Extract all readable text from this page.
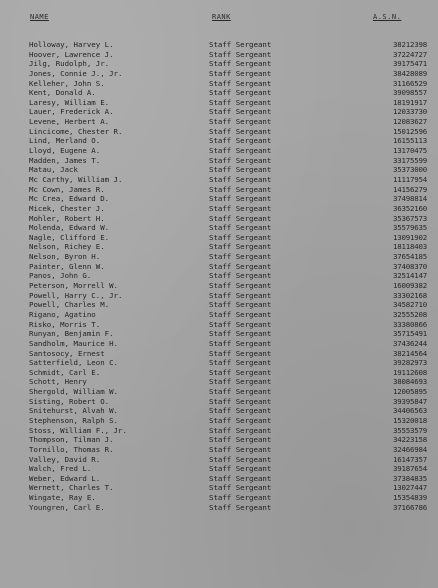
NAME	RANK	A.S.N.
Holloway, Harvey L.	Staff Sergeant	38212398
Hoover, Lawrence J.	Staff Sergeant	37224727
Jilg, Rudolph, Jr.	Staff Sergeant	39175471
Jones, Connie J., Jr.	Staff Sergeant	38428089
Kelleher, John S.	Staff Sergeant	31166529
Kent, Donald A.	Staff Sergeant	39098557
Laresy, William E.	Staff Sergeant	18191917
Lauer, Frederick A.	Staff Sergeant	12033730
Levene, Herbert A.	Staff Sergeant	12083627
Lincicome, Chester R.	Staff Sergeant	15012596
Lind, Merland O.	Staff Sergeant	16155113
Lloyd, Eugene A.	Staff Sergeant	13170475
Madden, James T.	Staff Sergeant	33175599
Matau, Jack	Staff Sergeant	35373000
Mc Carthy, William J.	Staff Sergeant	11117954
Mc Cown, James R.	Staff Sergeant	14156279
Mc Crea, Edward D.	Staff Sergeant	37498814
Micek, Chester J.	Staff Sergeant	36352160
Mohler, Robert H.	Staff Sergeant	35367573
Molenda, Edward W.	Staff Sergeant	35579635
Nagle, Clifford E.	Staff Sergeant	13091902
Nelson, Richey E.	Staff Sergeant	18118403
Nelson, Byron H.	Staff Sergeant	37654185
Painter, Glenn W.	Staff Sergeant	37408370
Panos, John G.	Staff Sergeant	32514147
Peterson, Morrell W.	Staff Sergeant	16009382
Powell, Harry C., Jr.	Staff Sergeant	33302168
Powell, Charles M.	Staff Sergeant	34582710
Rigano, Agatino	Staff Sergeant	32555208
Risko, Morris T.	Staff Sergeant	33380866
Runyan, Benjamin F.	Staff Sergeant	35715491
Sandholm, Maurice H.	Staff Sergeant	37436244
Santosocy, Ernest	Staff Sergeant	38214564
Satterfield, Leon C.	Staff Sergeant	39282973
Schmidt, Carl E.	Staff Sergeant	19112608
Schott, Henry	Staff Sergeant	38084693
Shergold, William W.	Staff Sergeant	12005895
Sisting, Robert O.	Staff Sergeant	39395847
Snitehurst, Alvah W.	Staff Sergeant	34406563
Stephenson, Ralph S.	Staff Sergeant	15320018
Stoss, William F., Jr.	Staff Sergeant	35553579
Thompson, Tilman J.	Staff Sergeant	34223158
Tornillo, Thomas R.	Staff Sergeant	32466984
Valley, David R.	Staff Sergeant	16147357
Walch, Fred L.	Staff Sergeant	39187654
Weber, Edward L.	Staff Sergeant	37384835
Wernett, Charles T.	Staff Sergeant	13027447
Wingate, Ray E.	Staff Sergeant	15354839
Youngren, Carl E.	Staff Sergeant	37166786
